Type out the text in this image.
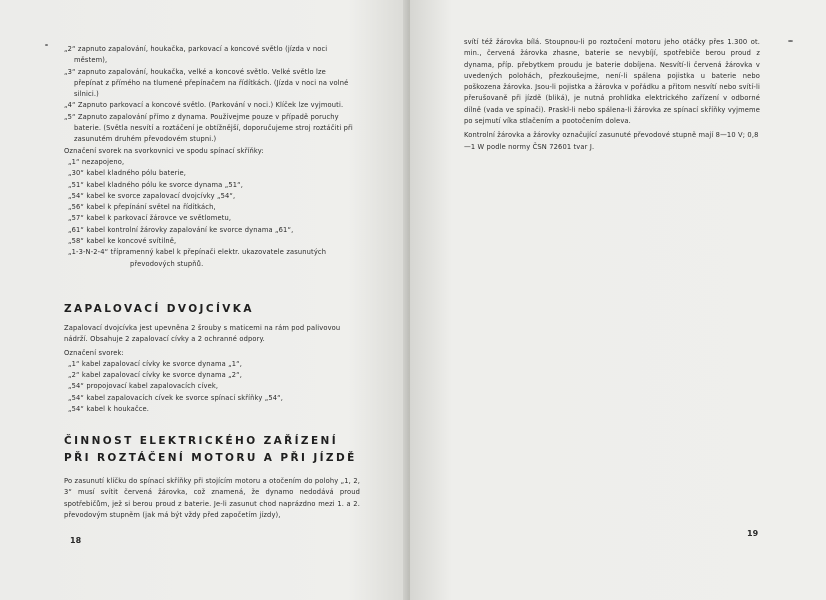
„2“ zapnuto zapalování, houkačka, parkovací a koncové světlo (jízda v noci městem),

„3“ zapnuto zapalování, houkačka, velké a koncové světlo. Velké světlo lze přepínat z přímého na tlumené přepínačem na řídítkách. (Jízda v noci na volné silnici.)

„4“ Zapnuto parkovací a koncové světlo. (Parkování v noci.) Klíček lze vyjmouti.

„5“ Zapnuto zapalování přímo z dynama. Používejme pouze v případě poruchy baterie. (Světla nesvítí a roztáčení je obtížnější, doporučujeme stroj roztáčiti při zasunutém druhém převodovém stupni.)

Označení svorek na svorkovnici ve spodu spínací skříňky:

„1“ nezapojeno,

„30“ kabel kladného pólu baterie,

„51“ kabel kladného pólu ke svorce dynama „51“,

„54“ kabel ke svorce zapalovací dvojcívky „54“,

„56“ kabel k přepínání světel na řídítkách,

„57“ kabel k parkovací žárovce ve světlometu,

„61“ kabel kontrolní žárovky zapalování ke svorce dynama „61“,

„58“ kabel ke koncové svítilně,

„1-3-N-2-4“ třípramenný kabel k přepínači elektr. ukazovatele zasunutých převodových stupňů.

ZAPALOVACÍ DVOJCÍVKA

Zapalovací dvojcívka jest upevněna 2 šrouby s maticemi na rám pod palivovou nádrží. Obsahuje 2 zapalovací cívky a 2 ochranné odpory.

Označení svorek:

„1“ kabel zapalovací cívky ke svorce dynama „1“,

„2“ kabel zapalovací cívky ke svorce dynama „2“,

„54“ propojovací kabel zapalovacích cívek,

„54“ kabel zapalovacích cívek ke svorce spínací skříňky „54“,

„54“ kabel k houkačce.

ČINNOST ELEKTRICKÉHO ZAŘÍZENÍ
PŘI ROZTÁČENÍ MOTORU A PŘI JÍZDĚ
Po zasunutí klíčku do spínací skříňky při stojícím motoru a otočením do polohy „1, 2, 3“ musí svítit červená žárovka, což znamená, že dynamo nedodává proud spotřebičům, jež si berou proud z baterie. Je-li zasunut chod naprázdno mezi 1. a 2. převodovým stupněm (jak má být vždy před započetím jízdy),
18

svítí též žárovka bílá. Stoupnou-li po roztočení motoru jeho otáčky přes 1.300 ot. min., červená žárovka zhasne, baterie se nevybíjí, spotřebiče berou proud z dynama, příp. přebytkem proudu je baterie dobíjena. Nesvítí-li červená žárovka v uvedených polohách, přezkoušejme, není-li spálena pojistka u baterie nebo poškozena žárovka. Jsou-li pojistka a žárovka v pořádku a přitom nesvítí nebo svítí-li přerušovaně při jízdě (bliká), je nutná prohlídka elektrického zařízení v odborné dílně (vada ve spínači). Praskl-li nebo spálena-li žárovka ze spínací skříňky vyjmeme po sejmutí víka stlačením a pootočením doleva.

Kontrolní žárovka a žárovky označující zasunuté převodové stupně mají 8—10 V; 0,8—1 W podle normy ČSN 72601 tvar J.

19
